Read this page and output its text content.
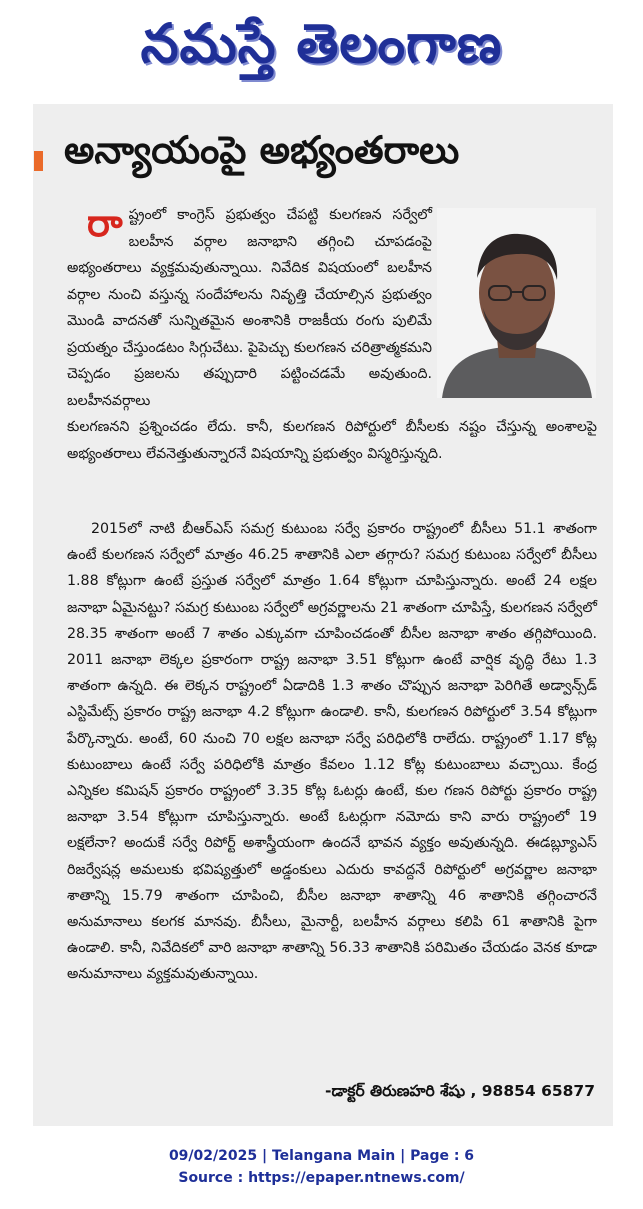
నమస్తే తెలంగాణ
అన్యాయంపై అభ్యంతరాలు
రా ష్ట్రంలో కాంగ్రెస్ ప్రభుత్వం చేపట్టి కులగణన సర్వేలో బలహీన వర్గాల జనాభాని తగ్గించి చూపడంపై అభ్యంతరాలు వ్యక్తమవుతున్నాయి. నివేదిక విషయంలో బలహీన వర్గాల నుంచి వస్తున్న సందేహాలను నివృత్తి చేయాల్సిన ప్రభుత్వం మొండి వాదనతో సున్నితమైన అంశానికి రాజకీయ రంగు పులిమే ప్రయత్నం చేస్తుండటం సిగ్గుచేటు. పైపెచ్చు కులగణన చరిత్రాత్మకమని చెప్పడం ప్రజలను తప్పుదారి పట్టించడమే అవుతుంది. బలహీనవర్గాలు
కులగణనని ప్రశ్నించడం లేదు. కానీ, కులగణన రిపోర్టులో బీసీలకు నష్టం చేస్తున్న అంశాలపై అభ్యంతరాలు లేవనెత్తుతున్నారనే విషయాన్ని ప్రభుత్వం విస్మరిస్తున్నది.
2015లో నాటి బీఆర్ఎస్ సమగ్ర కుటుంబ సర్వే ప్రకారం రాష్ట్రంలో బీసీలు 51.1 శాతంగా ఉంటే కులగణన సర్వేలో మాత్రం 46.25 శాతానికి ఎలా తగ్గారు? సమగ్ర కుటుంబ సర్వేలో బీసీలు 1.88 కోట్లుగా ఉంటే ప్రస్తుత సర్వేలో మాత్రం 1.64 కోట్లుగా చూపిస్తున్నారు. అంటే 24 లక్షల జనాభా ఏమైనట్టు? సమగ్ర కుటుంబ సర్వేలో అగ్రవర్ణాలను 21 శాతంగా చూపిస్తే, కులగణన సర్వేలో 28.35 శాతంగా అంటే 7 శాతం ఎక్కువగా చూపించడంతో బీసీల జనాభా శాతం తగ్గిపోయింది. 2011 జనాభా లెక్కల ప్రకారంగా రాష్ట్ర జనాభా 3.51 కోట్లుగా ఉంటే వార్షిక వృద్ధి రేటు 1.3 శాతంగా ఉన్నది. ఈ లెక్కన రాష్ట్రంలో ఏడాదికి 1.3 శాతం చొప్పున జనాభా పెరిగితే అడ్వాన్స్‌డ్ ఎస్టిమేట్స్ ప్రకారం రాష్ట్ర జనాభా 4.2 కోట్లుగా ఉండాలి. కానీ, కులగణన రిపోర్టులో 3.54 కోట్లుగా పేర్కొన్నారు. అంటే, 60 నుంచి 70 లక్షల జనాభా సర్వే పరిధిలోకి రాలేదు. రాష్ట్రంలో 1.17 కోట్ల కుటుంబాలు ఉంటే సర్వే పరిధిలోకి మాత్రం కేవలం 1.12 కోట్ల కుటుంబాలు వచ్చాయి. కేంద్ర ఎన్నికల కమిషన్ ప్రకారం రాష్ట్రంలో 3.35 కోట్ల ఓటర్లు ఉంటే, కుల గణన రిపోర్టు ప్రకారం రాష్ట్ర జనాభా 3.54 కోట్లుగా చూపిస్తున్నారు. అంటే ఓటర్లుగా నమోదు కాని వారు రాష్ట్రంలో 19 లక్షలేనా? అందుకే సర్వే రిపోర్ట్ అశాస్త్రీయంగా ఉందనే భావన వ్యక్తం అవుతున్నది. ఈడబ్ల్యూఎస్ రిజర్వేషన్ల అమలుకు భవిష్యత్తులో అడ్డంకులు ఎదురు కావద్దనే రిపోర్టులో అగ్రవర్ణాల జనాభా శాతాన్ని 15.79 శాతంగా చూపించి, బీసీల జనాభా శాతాన్ని 46 శాతానికి తగ్గించారనే అనుమానాలు కలగక మానవు. బీసీలు, మైనార్టీ, బలహీన వర్గాలు కలిపి 61 శాతానికి పైగా ఉండాలి. కానీ, నివేదికలో వారి జనాభా శాతాన్ని 56.33 శాతానికి పరిమితం చేయడం వెనక కూడా అనుమానాలు వ్యక్తమవుతున్నాయి.
-డాక్టర్ తిరుణహరి శేషు , 98854 65877
09/02/2025 | Telangana Main | Page : 6
Source : https://epaper.ntnews.com/
